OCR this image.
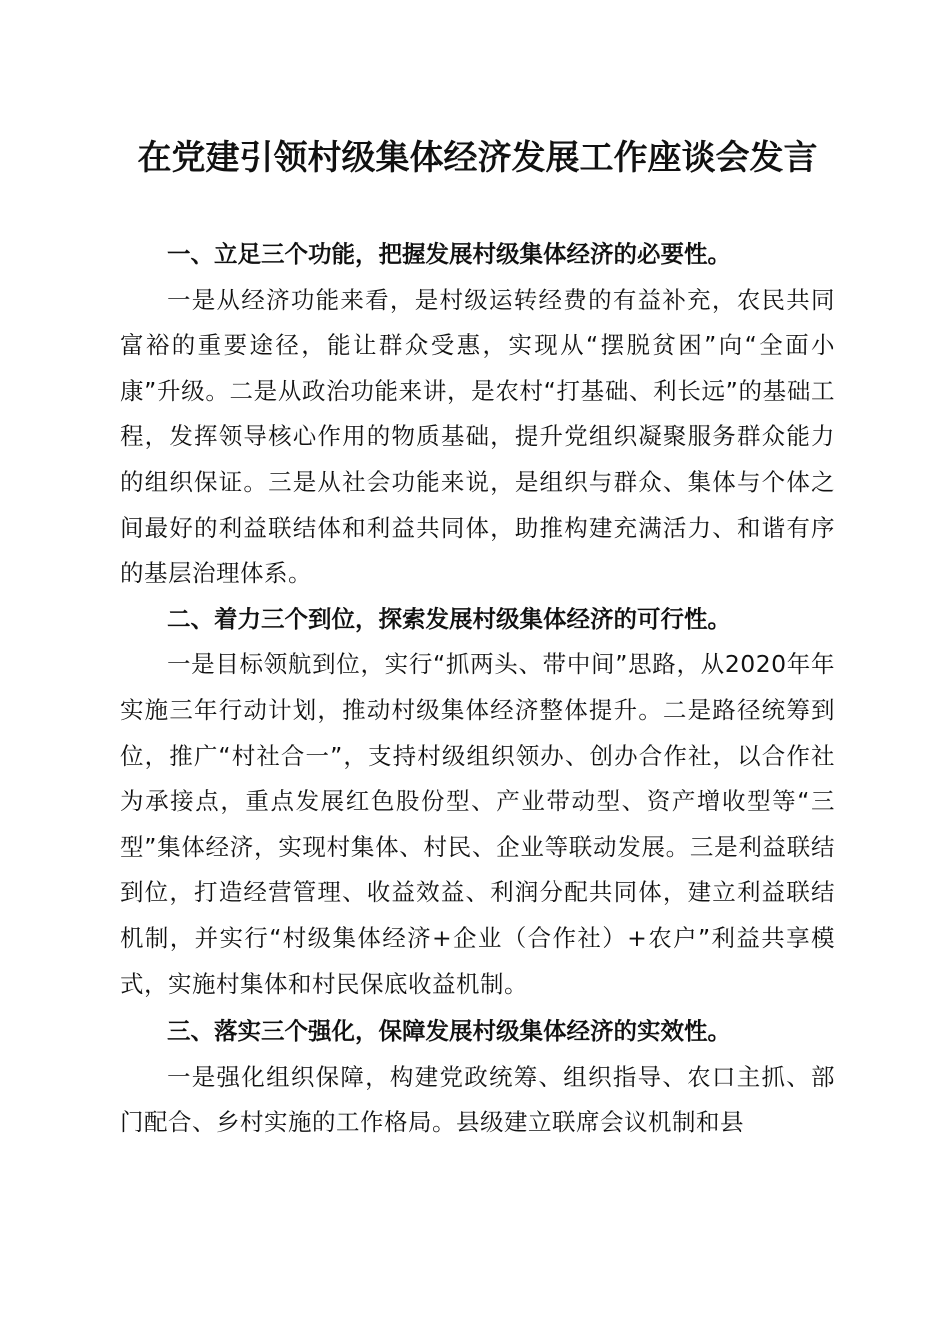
在党建引领村级集体经济发展工作座谈会发言

一、立足三个功能，把握发展村级集体经济的必要性。

一是从经济功能来看，是村级运转经费的有益补充，农民共同富裕的重要途径，能让群众受惠，实现从“摆脱贫困”向“全面小康”升级。二是从政治功能来讲，是农村“打基础、利长远”的基础工程，发挥领导核心作用的物质基础，提升党组织凝聚服务群众能力的组织保证。三是从社会功能来说，是组织与群众、集体与个体之间最好的利益联结体和利益共同体，助推构建充满活力、和谐有序的基层治理体系。

二、着力三个到位，探索发展村级集体经济的可行性。

一是目标领航到位，实行“抓两头、带中间”思路，从2020年年实施三年行动计划，推动村级集体经济整体提升。二是路径统筹到位，推广“村社合一”，支持村级组织领办、创办合作社，以合作社为承接点，重点发展红色股份型、产业带动型、资产增收型等“三型”集体经济，实现村集体、村民、企业等联动发展。三是利益联结到位，打造经营管理、收益效益、利润分配共同体，建立利益联结机制，并实行“村级集体经济+企业（合作社）+农户”利益共享模式，实施村集体和村民保底收益机制。

三、落实三个强化，保障发展村级集体经济的实效性。

一是强化组织保障，构建党政统筹、组织指导、农口主抓、部门配合、乡村实施的工作格局。县级建立联席会议机制和县
